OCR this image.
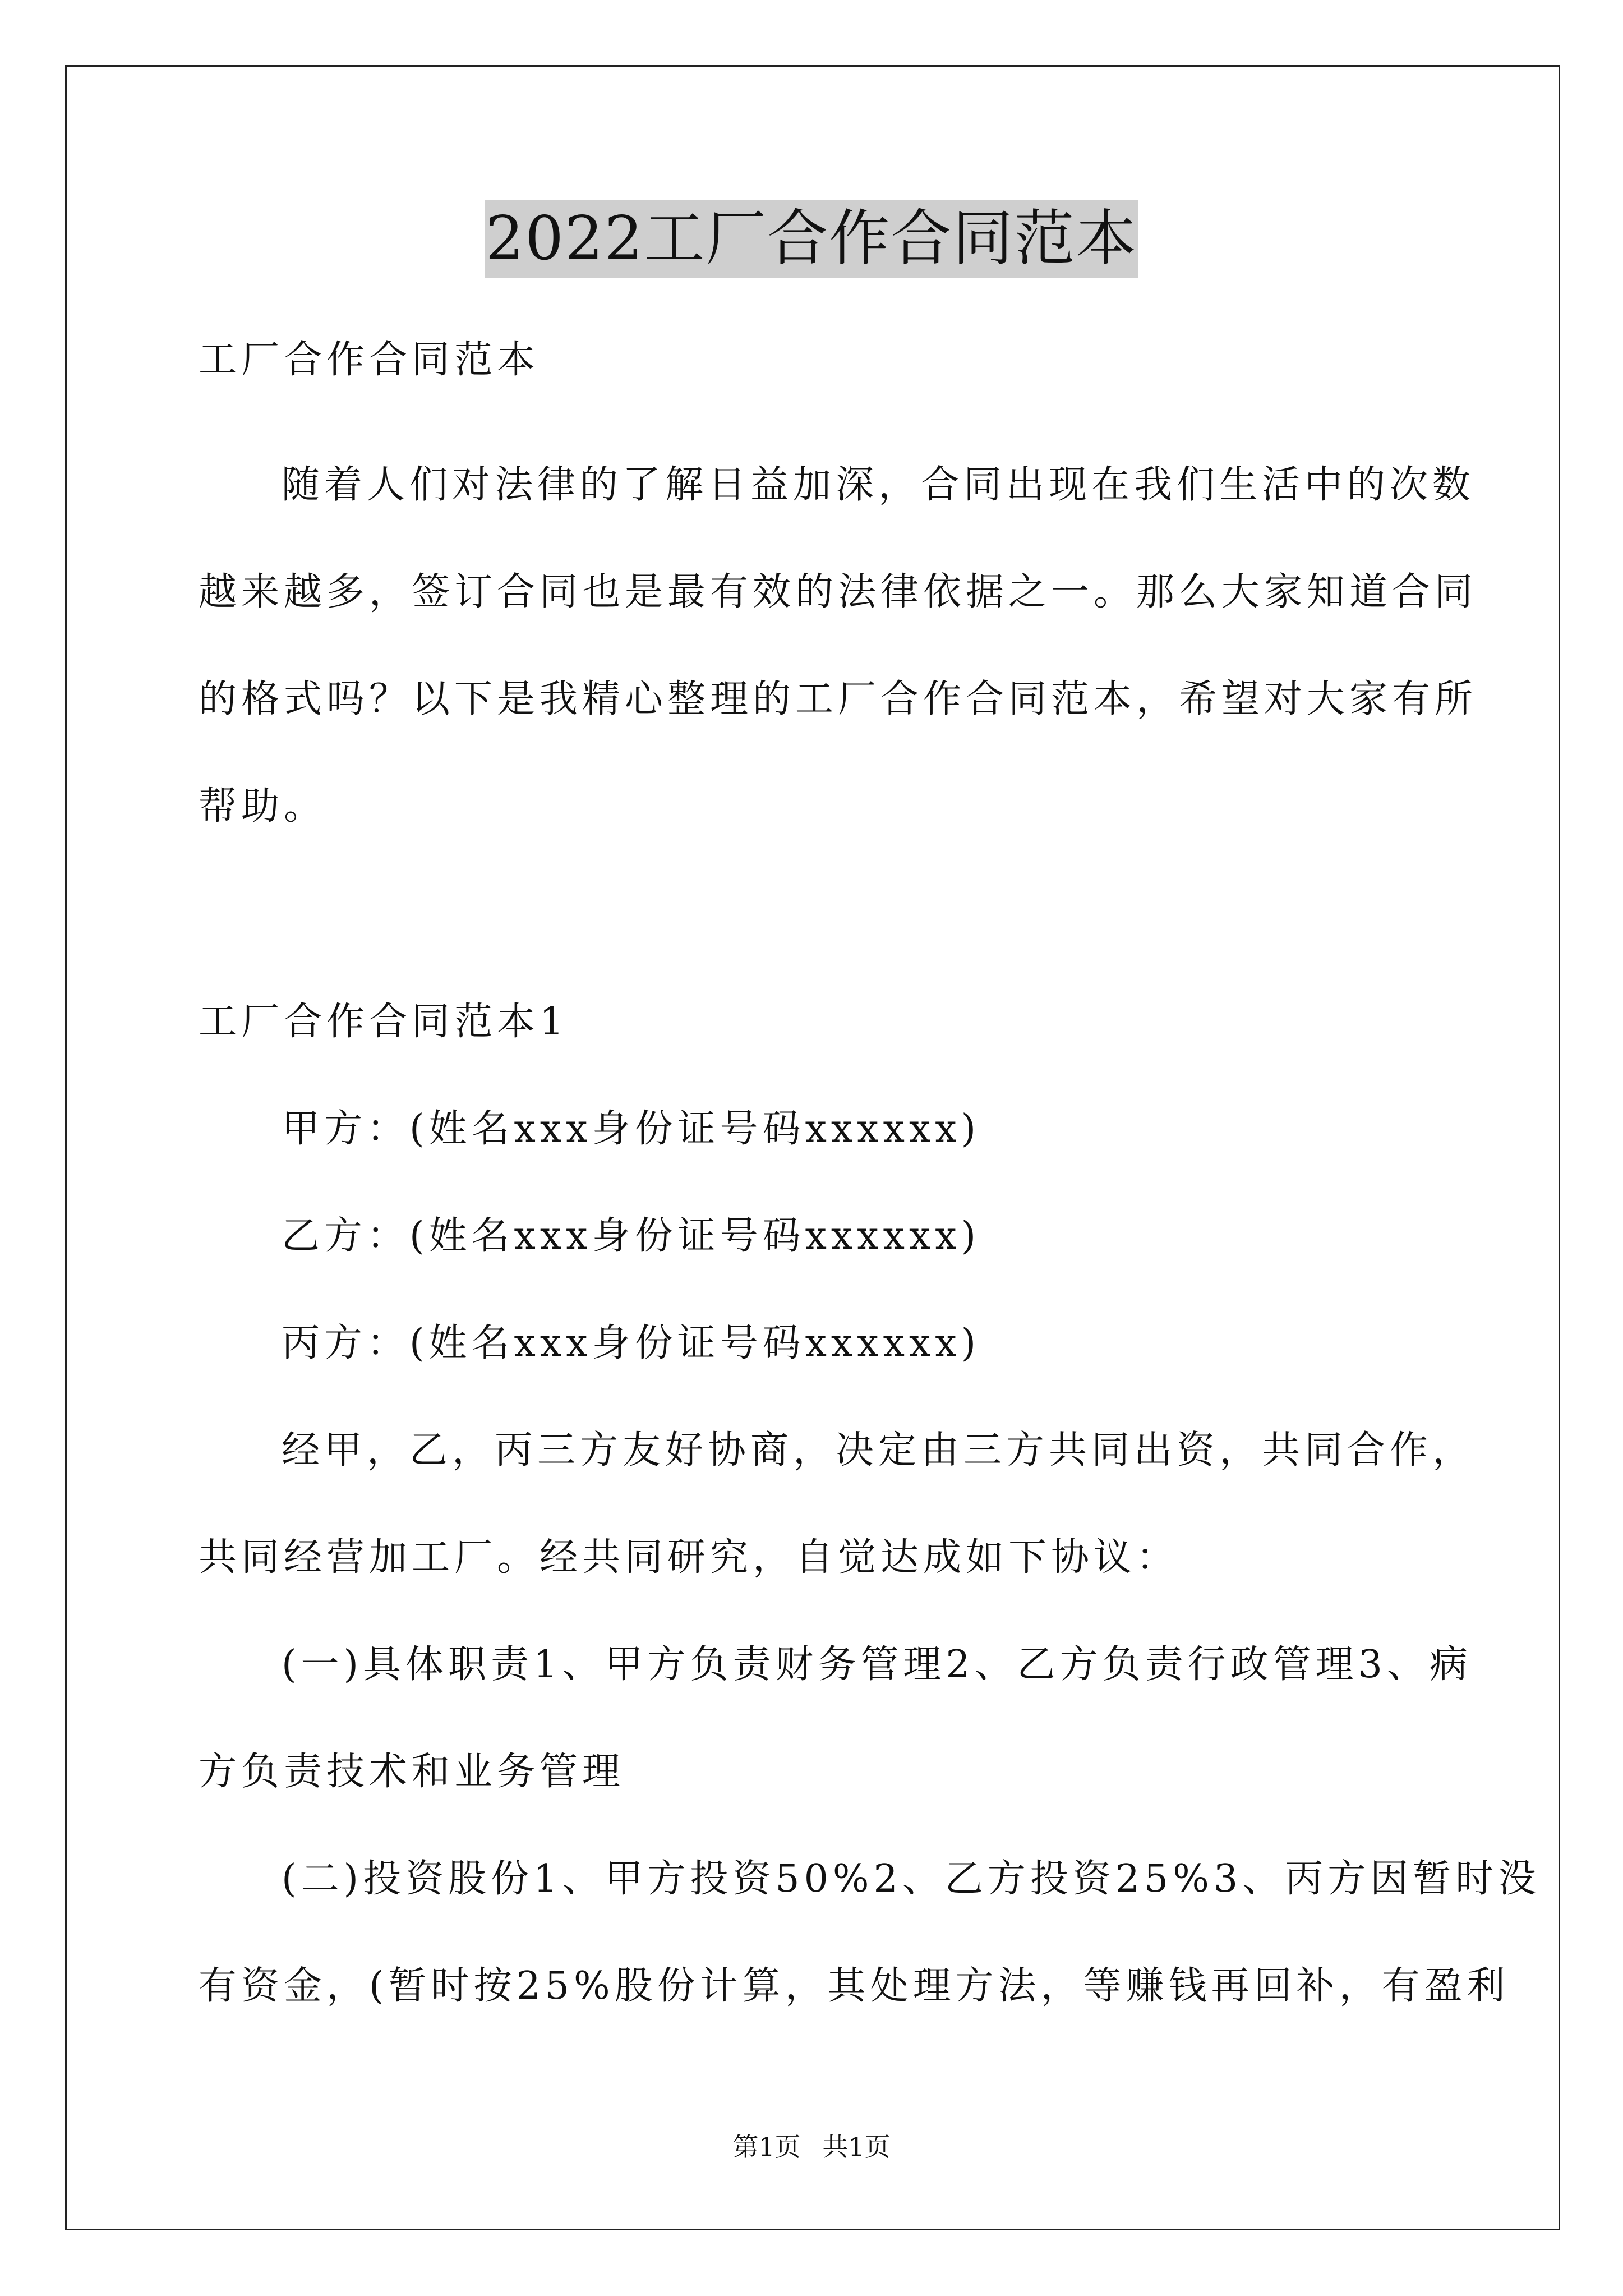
2022工厂合作合同范本
工厂合作合同范本
随着人们对法律的了解日益加深，合同出现在我们生活中的次数
越来越多，签订合同也是最有效的法律依据之一。那么大家知道合同
的格式吗？以下是我精心整理的工厂合作合同范本，希望对大家有所
帮助。
工厂合作合同范本1
甲方：(姓名xxx身份证号码xxxxxx)
乙方：(姓名xxx身份证号码xxxxxx)
丙方：(姓名xxx身份证号码xxxxxx)
经甲，乙，丙三方友好协商，决定由三方共同出资，共同合作，
共同经营加工厂。经共同研究，自觉达成如下协议：
(一)具体职责1、甲方负责财务管理2、乙方负责行政管理3、病
方负责技术和业务管理
(二)投资股份1、甲方投资50%2、乙方投资25%3、丙方因暂时没
有资金，(暂时按25%股份计算，其处理方法，等赚钱再回补，有盈利
第1页 共1页
